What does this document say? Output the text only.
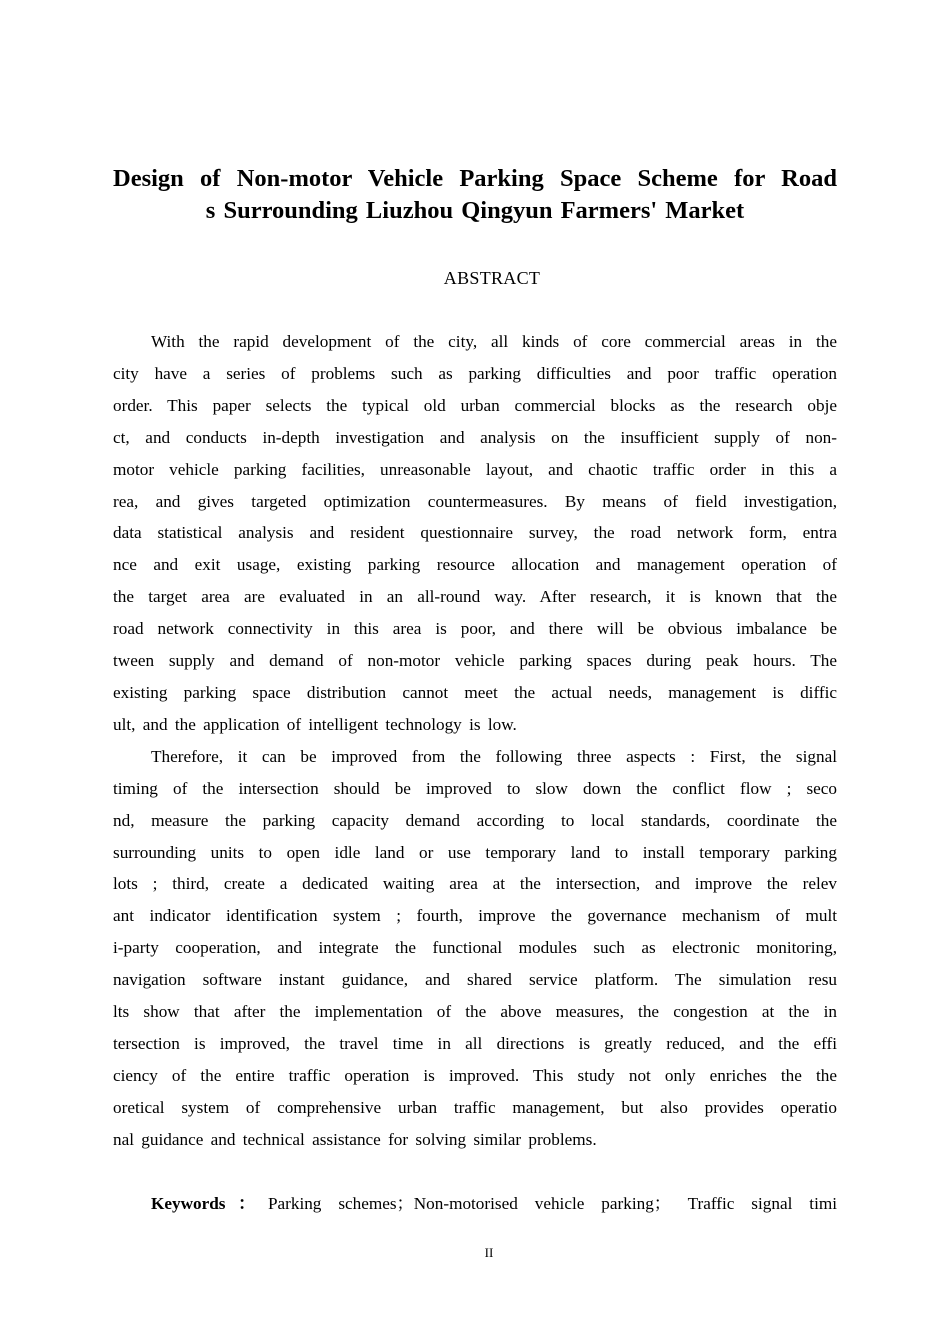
Design of Non-motor Vehicle Parking Space Scheme for Road
s Surrounding Liuzhou Qingyun Farmers' Market
ABSTRACT
With the rapid development of the city, all kinds of core commercial areas in the
city have a series of problems such as parking difficulties and poor traffic operation
order. This paper selects the typical old urban commercial blocks as the research obje
ct, and conducts in-depth investigation and analysis on the insufficient supply of non-
motor vehicle parking facilities, unreasonable layout, and chaotic traffic order in this a
rea, and gives targeted optimization countermeasures. By means of field investigation,
data statistical analysis and resident questionnaire survey, the road network form, entra
nce and exit usage, existing parking resource allocation and management operation of
the target area are evaluated in an all-round way. After research, it is known that the
road network connectivity in this area is poor, and there will be obvious imbalance be
tween supply and demand of non-motor vehicle parking spaces during peak hours. The
existing parking space distribution cannot meet the actual needs, management is diffic
ult, and the application of intelligent technology is low.
Therefore, it can be improved from the following three aspects : First, the signal
timing of the intersection should be improved to slow down the conflict flow ; seco
nd, measure the parking capacity demand according to local standards, coordinate the
surrounding units to open idle land or use temporary land to install temporary parking
lots ; third, create a dedicated waiting area at the intersection, and improve the relev
ant indicator identification system ; fourth, improve the governance mechanism of mult
i-party cooperation, and integrate the functional modules such as electronic monitoring,
navigation software instant guidance, and shared service platform. The simulation resu
lts show that after the implementation of the above measures, the congestion at the in
tersection is improved, the travel time in all directions is greatly reduced, and the effi
ciency of the entire traffic operation is improved. This study not only enriches the the
oretical system of comprehensive urban traffic management, but also provides operatio
nal guidance and technical assistance for solving similar problems.
Keywords：Parking schemes；Non-motorised vehicle parking； Traffic signal timi
II
